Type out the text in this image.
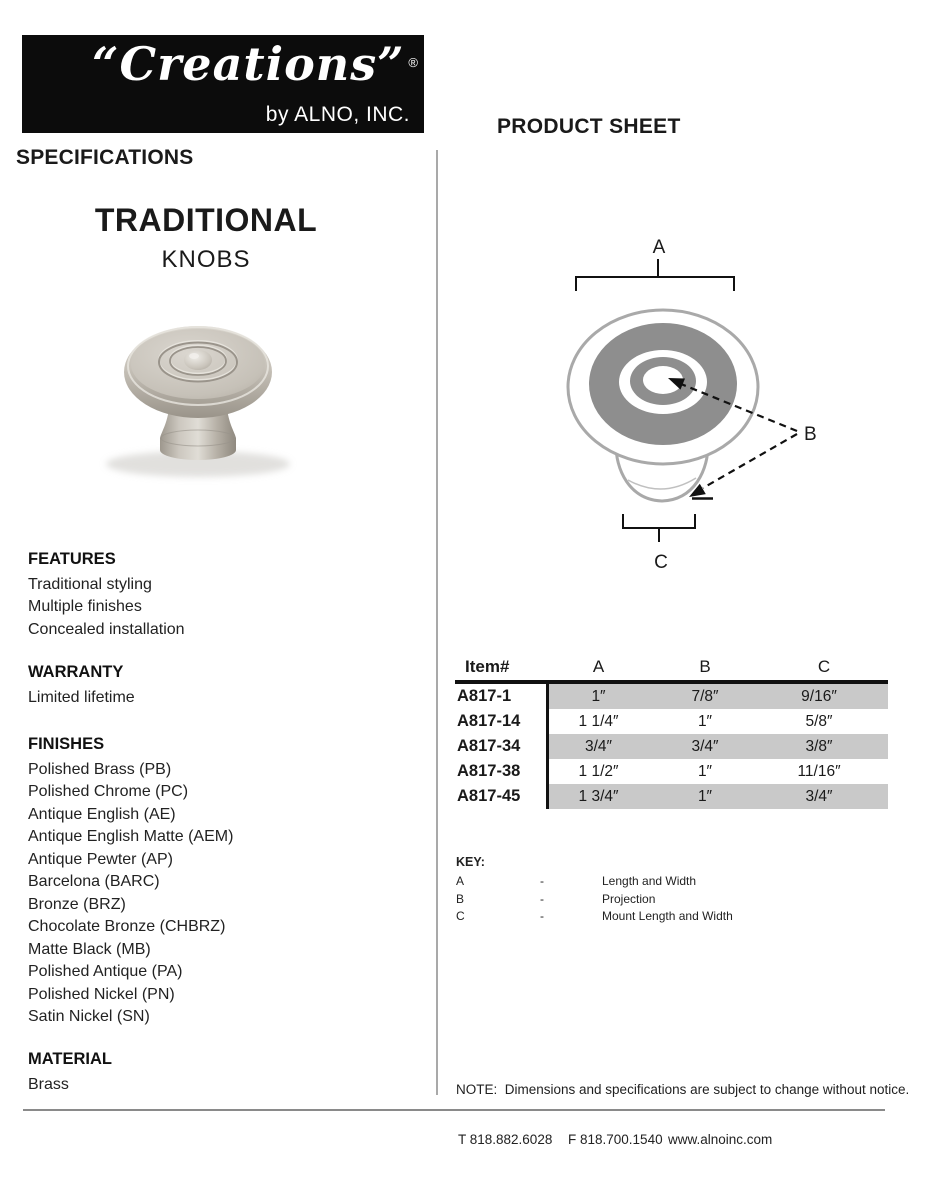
“Creations” ®
by ALNO, INC.
SPECIFICATIONS
PRODUCT SHEET
TRADITIONAL
KNOBS
FEATURES
Traditional styling
Multiple finishes
Concealed installation
WARRANTY
Limited lifetime
FINISHES
Polished Brass (PB)
Polished Chrome (PC)
Antique English (AE)
Antique English Matte (AEM)
Antique Pewter (AP)
Barcelona (BARC)
Bronze (BRZ)
Chocolate Bronze (CHBRZ)
Matte Black (MB)
Polished Antique (PA)
Polished Nickel (PN)
Satin Nickel (SN)
MATERIAL
Brass
A
B
C
Item#	A	B	C
A817-1	1″	7/8″	9/16″
A817-14	1 1/4″	1″	5/8″
A817-34	3/4″	3/4″	3/8″
A817-38	1 1/2″	1″	11/16″
A817-45	1 3/4″	1″	3/4″
KEY:
A	-	Length and Width
B	-	Projection
C	-	Mount Length and Width
NOTE:  Dimensions and specifications are subject to change without notice.
T 818.882.6028 F 818.700.1540 www.alnoinc.com
